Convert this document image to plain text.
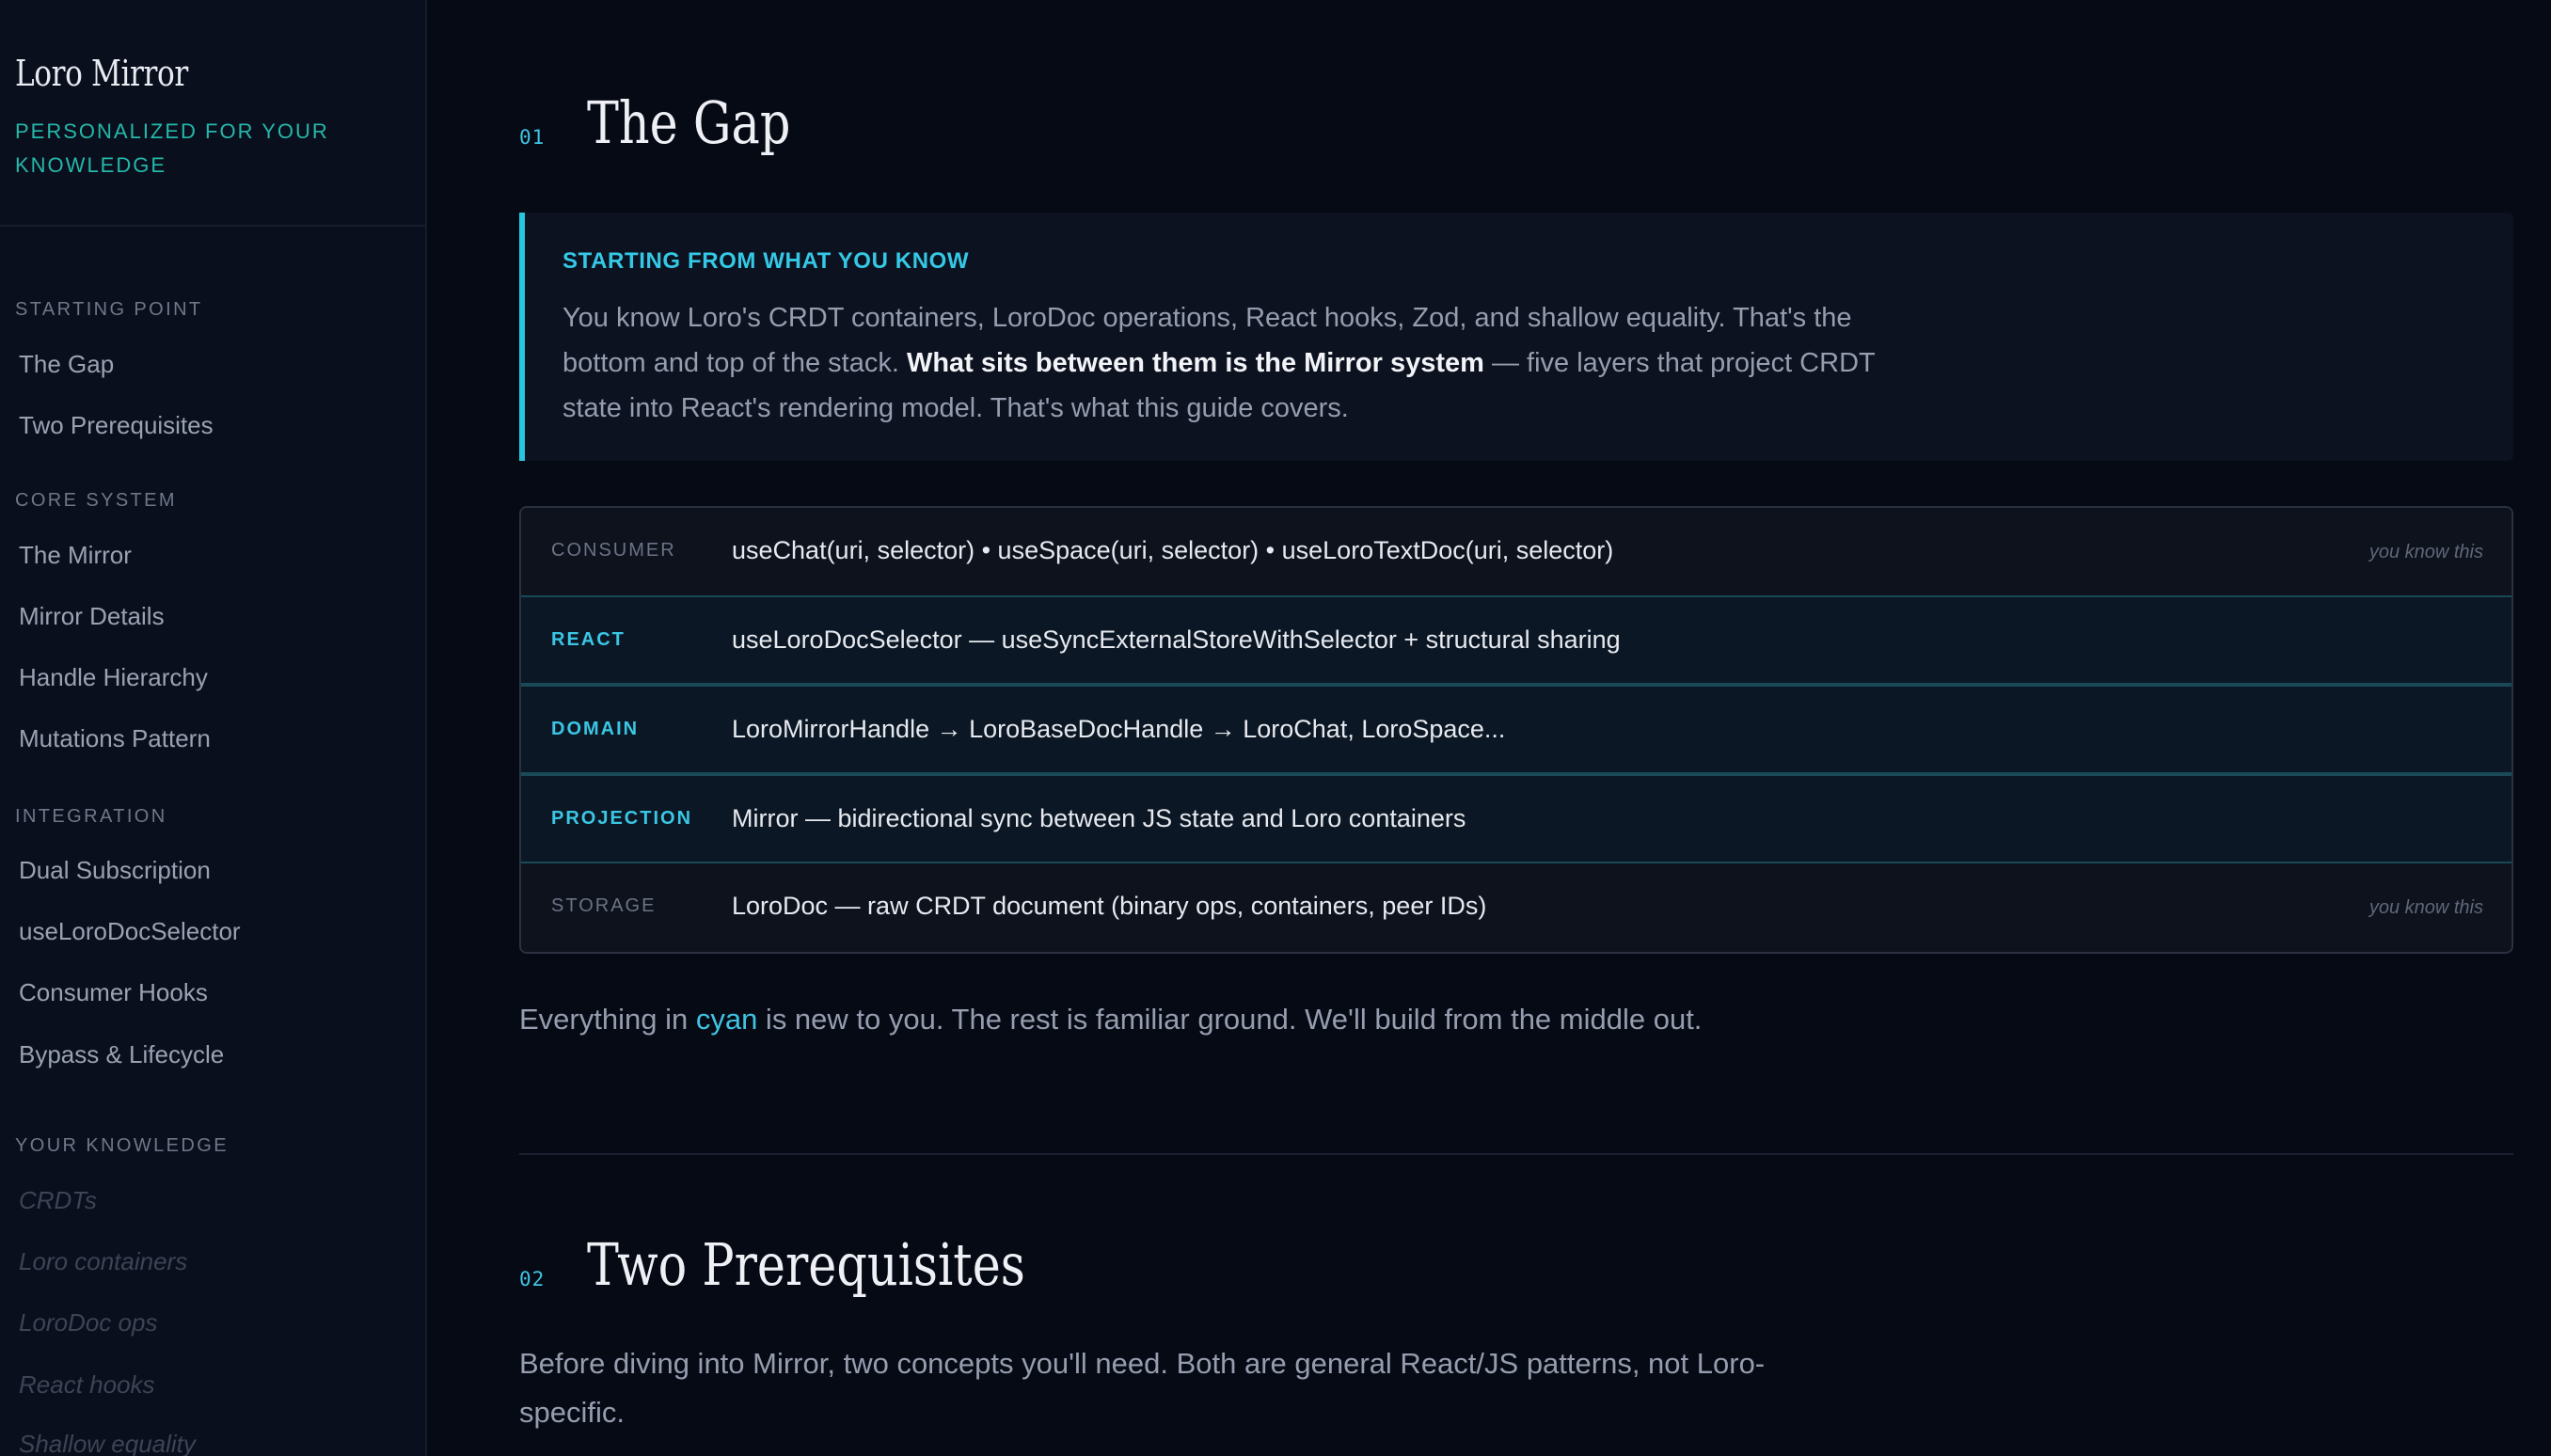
Loro Mirror
PERSONALIZED FOR YOUR
KNOWLEDGE
STARTING POINT
The Gap
Two Prerequisites
CORE SYSTEM
The Mirror
Mirror Details
Handle Hierarchy
Mutations Pattern
INTEGRATION
Dual Subscription
useLoroDocSelector
Consumer Hooks
Bypass & Lifecycle
YOUR KNOWLEDGE
CRDTs
Loro containers
LoroDoc ops
React hooks
Shallow equality
01 The Gap
STARTING FROM WHAT YOU KNOW
You know Loro's CRDT containers, LoroDoc operations, React hooks, Zod, and shallow equality. That's the bottom and top of the stack. What sits between them is the Mirror system — five layers that project CRDT state into React's rendering model. That's what this guide covers.
CONSUMER useChat(uri, selector) • useSpace(uri, selector) • useLoroTextDoc(uri, selector)	you know this
REACT	useLoroDocSelector — useSyncExternalStoreWithSelector + structural sharing
DOMAIN	LoroMirrorHandle → LoroBaseDocHandle → LoroChat, LoroSpace...
PROJECTION Mirror — bidirectional sync between JS state and Loro containers
STORAGE	LoroDoc — raw CRDT document (binary ops, containers, peer IDs)	you know this
Everything in cyan is new to you. The rest is familiar ground. We'll build from the middle out.
02 Two Prerequisites
Before diving into Mirror, two concepts you'll need. Both are general React/JS patterns, not Loro-specific.
